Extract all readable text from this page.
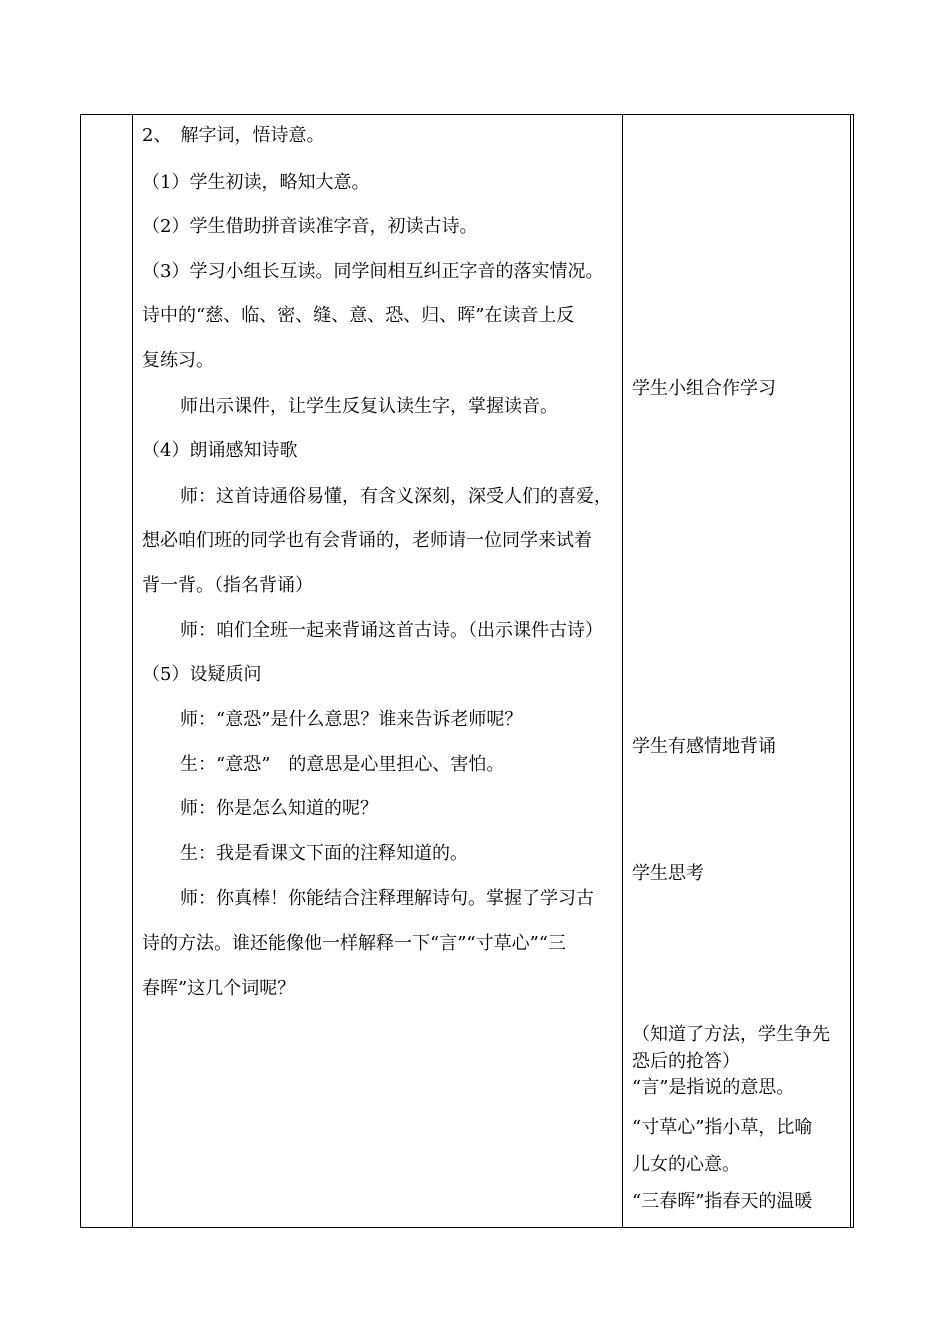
2、　解字词，悟诗意。
（1）学生初读，略知大意。
（2）学生借助拼音读准字音，初读古诗。
（3）学习小组长互读。同学间相互纠正字音的落实情况。
诗中的“慈、临、密、缝、意、恐、归、晖”在读音上反
复练习。
师出示课件，让学生反复认读生字，掌握读音。
（4）朗诵感知诗歌
师：这首诗通俗易懂，有含义深刻，深受人们的喜爱，
想必咱们班的同学也有会背诵的，老师请一位同学来试着
背一背。（指名背诵）
师：咱们全班一起来背诵这首古诗。（出示课件古诗）
（5）设疑质问
师：“意恐”是什么意思？谁来告诉老师呢？
生：“意恐”　的意思是心里担心、害怕。
师：你是怎么知道的呢？
生：我是看课文下面的注释知道的。
师：你真棒！你能结合注释理解诗句。掌握了学习古
诗的方法。谁还能像他一样解释一下“言”“寸草心”“三
春晖”这几个词呢？
学生小组合作学习
学生有感情地背诵
学生思考
（知道了方法，学生争先
恐后的抢答）
“言”是指说的意思。
“寸草心”指小草，比喻
儿女的心意。
“三春晖”指春天的温暖
